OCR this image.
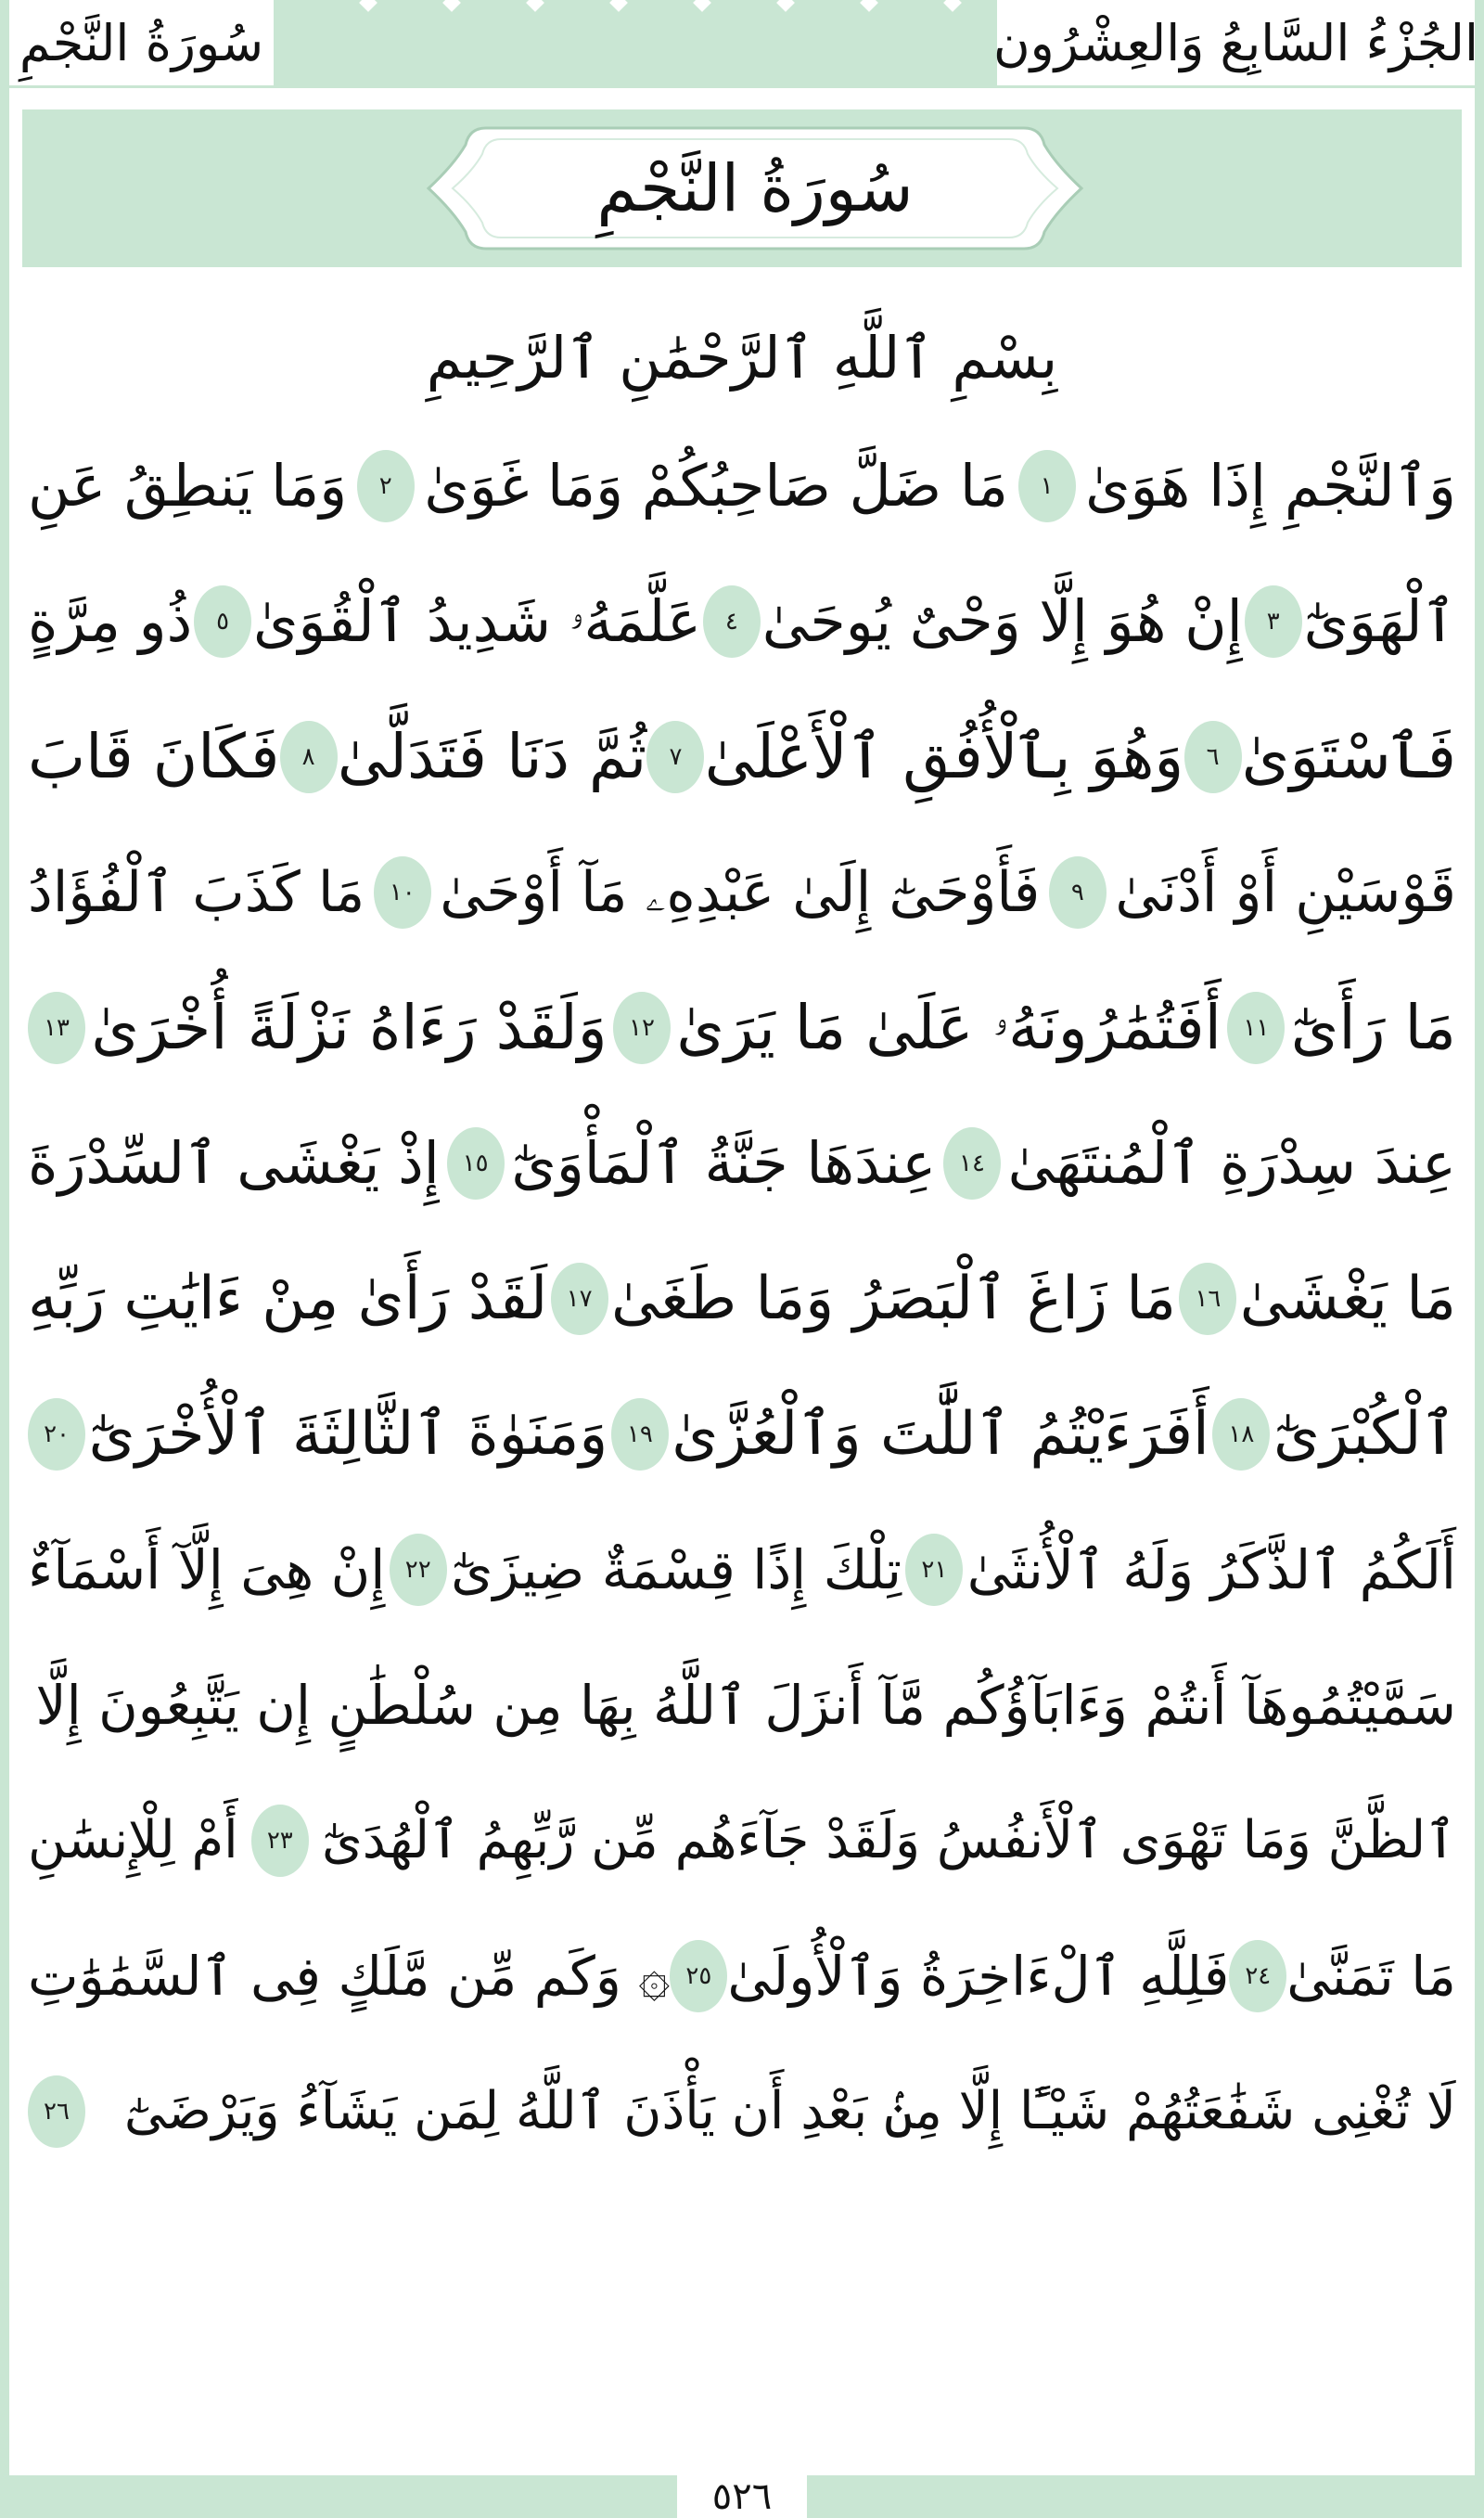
الجُزْءُ السَّابِعُ وَالعِشْرُون
سُورَةُ النَّجْمِ
سُورَةُ النَّجْمِ
بِسْمِ ٱللَّهِ ٱلرَّحْمَٰنِ ٱلرَّحِيمِ
وَٱلنَّجْمِ إِذَا هَوَىٰ
١
مَا ضَلَّ صَاحِبُكُمْ وَمَا غَوَىٰ
٢
وَمَا يَنطِقُ عَنِ
ٱلْهَوَىٰٓ
٣
إِنْ هُوَ إِلَّا وَحْىٌ يُوحَىٰ
٤
عَلَّمَهُۥ شَدِيدُ ٱلْقُوَىٰ
٥
ذُو مِرَّةٍ
فَٱسْتَوَىٰ
٦
وَهُوَ بِٱلْأُفُقِ ٱلْأَعْلَىٰ
٧
ثُمَّ دَنَا فَتَدَلَّىٰ
٨
فَكَانَ قَابَ
قَوْسَيْنِ أَوْ أَدْنَىٰ
٩
فَأَوْحَىٰٓ إِلَىٰ عَبْدِهِۦ مَآ أَوْحَىٰ
١٠
مَا كَذَبَ ٱلْفُؤَادُ
مَا رَأَىٰٓ
١١
أَفَتُمَٰرُونَهُۥ عَلَىٰ مَا يَرَىٰ
١٢
وَلَقَدْ رَءَاهُ نَزْلَةً أُخْرَىٰ
١٣
عِندَ سِدْرَةِ ٱلْمُنتَهَىٰ
١٤
عِندَهَا جَنَّةُ ٱلْمَأْوَىٰٓ
١٥
إِذْ يَغْشَى ٱلسِّدْرَةَ
مَا يَغْشَىٰ
١٦
مَا زَاغَ ٱلْبَصَرُ وَمَا طَغَىٰ
١٧
لَقَدْ رَأَىٰ مِنْ ءَايَٰتِ رَبِّهِ
ٱلْكُبْرَىٰٓ
١٨
أَفَرَءَيْتُمُ ٱللَّٰتَ وَٱلْعُزَّىٰ
١٩
وَمَنَوٰةَ ٱلثَّالِثَةَ ٱلْأُخْرَىٰٓ
٢٠
أَلَكُمُ ٱلذَّكَرُ وَلَهُ ٱلْأُنثَىٰ
٢١
تِلْكَ إِذًا قِسْمَةٌ ضِيزَىٰٓ
٢٢
إِنْ هِىَ إِلَّآ أَسْمَآءٌ
سَمَّيْتُمُوهَآ أَنتُمْ وَءَابَآؤُكُم مَّآ أَنزَلَ ٱللَّهُ بِهَا مِن سُلْطَٰنٍ إِن يَتَّبِعُونَ إِلَّا
ٱلظَّنَّ وَمَا تَهْوَى ٱلْأَنفُسُ وَلَقَدْ جَآءَهُم مِّن رَّبِّهِمُ ٱلْهُدَىٰٓ
٢٣
أَمْ لِلْإِنسَٰنِ
مَا تَمَنَّىٰ
٢٤
فَلِلَّهِ ٱلْءَاخِرَةُ وَٱلْأُولَىٰ
٢٥
۞ وَكَم مِّن مَّلَكٍ فِى ٱلسَّمَٰوَٰتِ
لَا تُغْنِى شَفَٰعَتُهُمْ شَيْـًٔا إِلَّا مِنۢ بَعْدِ أَن يَأْذَنَ ٱللَّهُ لِمَن يَشَآءُ وَيَرْضَىٰٓ
٢٦
٥٢٦
